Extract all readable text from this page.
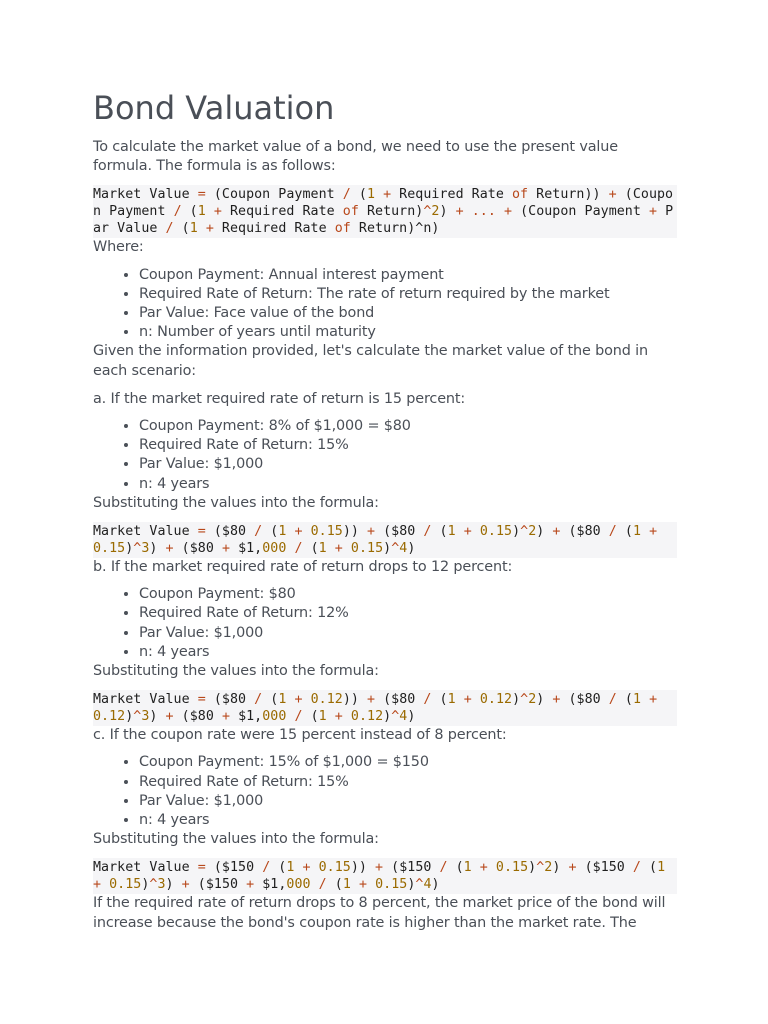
Bond Valuation

To calculate the market value of a bond, we need to use the present value formula. The formula is as follows:

Market Value = (Coupon Payment / (1 + Required Rate of Return)) + (Coupon Payment / (1 + Required Rate of Return)^2) + ... + (Coupon Payment + Par Value / (1 + Required Rate of Return)^n)

Where:

• Coupon Payment: Annual interest payment
• Required Rate of Return: The rate of return required by the market
• Par Value: Face value of the bond
• n: Number of years until maturity

Given the information provided, let's calculate the market value of the bond in each scenario:

a. If the market required rate of return is 15 percent:

• Coupon Payment: 8% of $1,000 = $80
• Required Rate of Return: 15%
• Par Value: $1,000
• n: 4 years

Substituting the values into the formula:

Market Value = ($80 / (1 + 0.15)) + ($80 / (1 + 0.15)^2) + ($80 / (1 + 0.15)^3) + ($80 + $1,000 / (1 + 0.15)^4)

b. If the market required rate of return drops to 12 percent:

• Coupon Payment: $80
• Required Rate of Return: 12%
• Par Value: $1,000
• n: 4 years

Substituting the values into the formula:

Market Value = ($80 / (1 + 0.12)) + ($80 / (1 + 0.12)^2) + ($80 / (1 + 0.12)^3) + ($80 + $1,000 / (1 + 0.12)^4)

c. If the coupon rate were 15 percent instead of 8 percent:

• Coupon Payment: 15% of $1,000 = $150
• Required Rate of Return: 15%
• Par Value: $1,000
• n: 4 years

Substituting the values into the formula:

Market Value = ($150 / (1 + 0.15)) + ($150 / (1 + 0.15)^2) + ($150 / (1 + 0.15)^3) + ($150 + $1,000 / (1 + 0.15)^4)

If the required rate of return drops to 8 percent, the market price of the bond will increase because the bond's coupon rate is higher than the market rate. The
